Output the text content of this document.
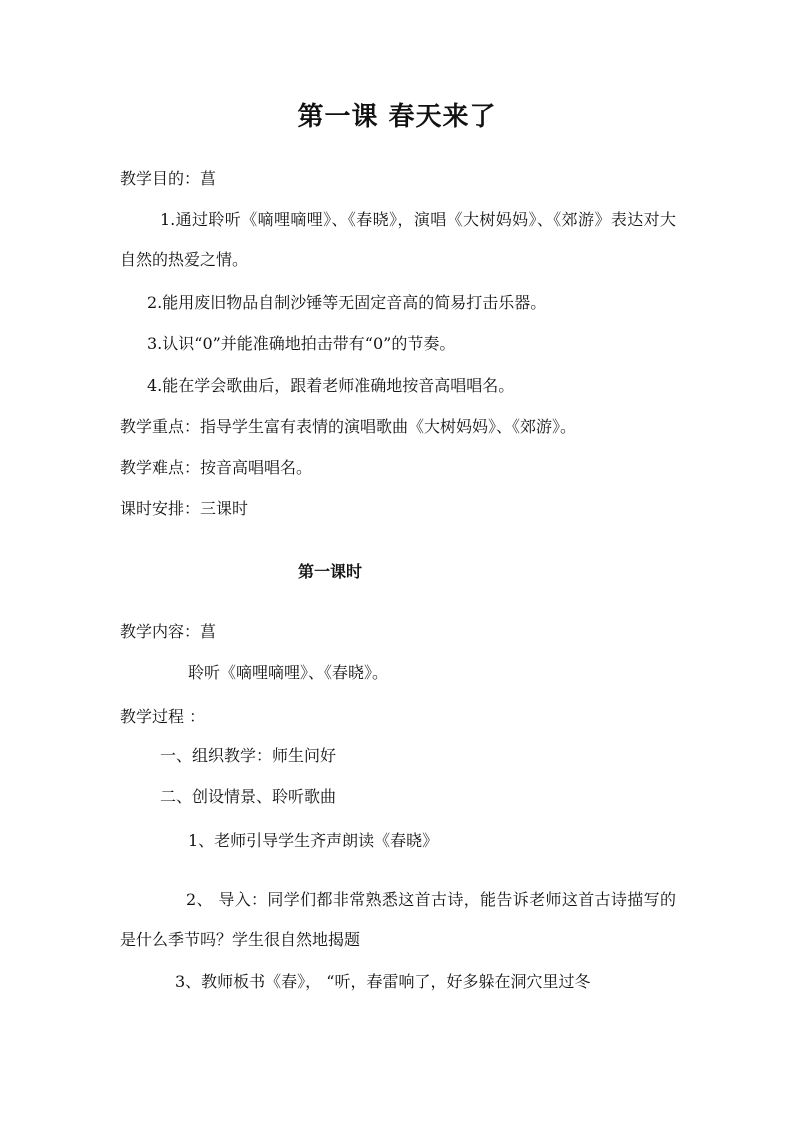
第一课 春天来了

教学目的：菖

1.通过聆听《嘀哩嘀哩》、《春晓》，演唱《大树妈妈》、《郊游》表达对大自然的热爱之情。

2.能用废旧物品自制沙锤等无固定音高的简易打击乐器。

3.认识“0”并能准确地拍击带有“0”的节奏。

4.能在学会歌曲后，跟着老师准确地按音高唱唱名。

教学重点：指导学生富有表情的演唱歌曲《大树妈妈》、《郊游》。

教学难点：按音高唱唱名。

课时安排：三课时

第一课时

教学内容：菖

聆听《嘀哩嘀哩》、《春晓》。

教学过程 ：

一、组织教学：师生问好

二、创设情景、聆听歌曲

1、老师引导学生齐声朗读《春晓》

2、 导入：同学们都非常熟悉这首古诗，能告诉老师这首古诗描写的是什么季节吗？学生很自然地揭题

3、教师板书《春》， “听，春雷响了，好多躲在洞穴里过冬
